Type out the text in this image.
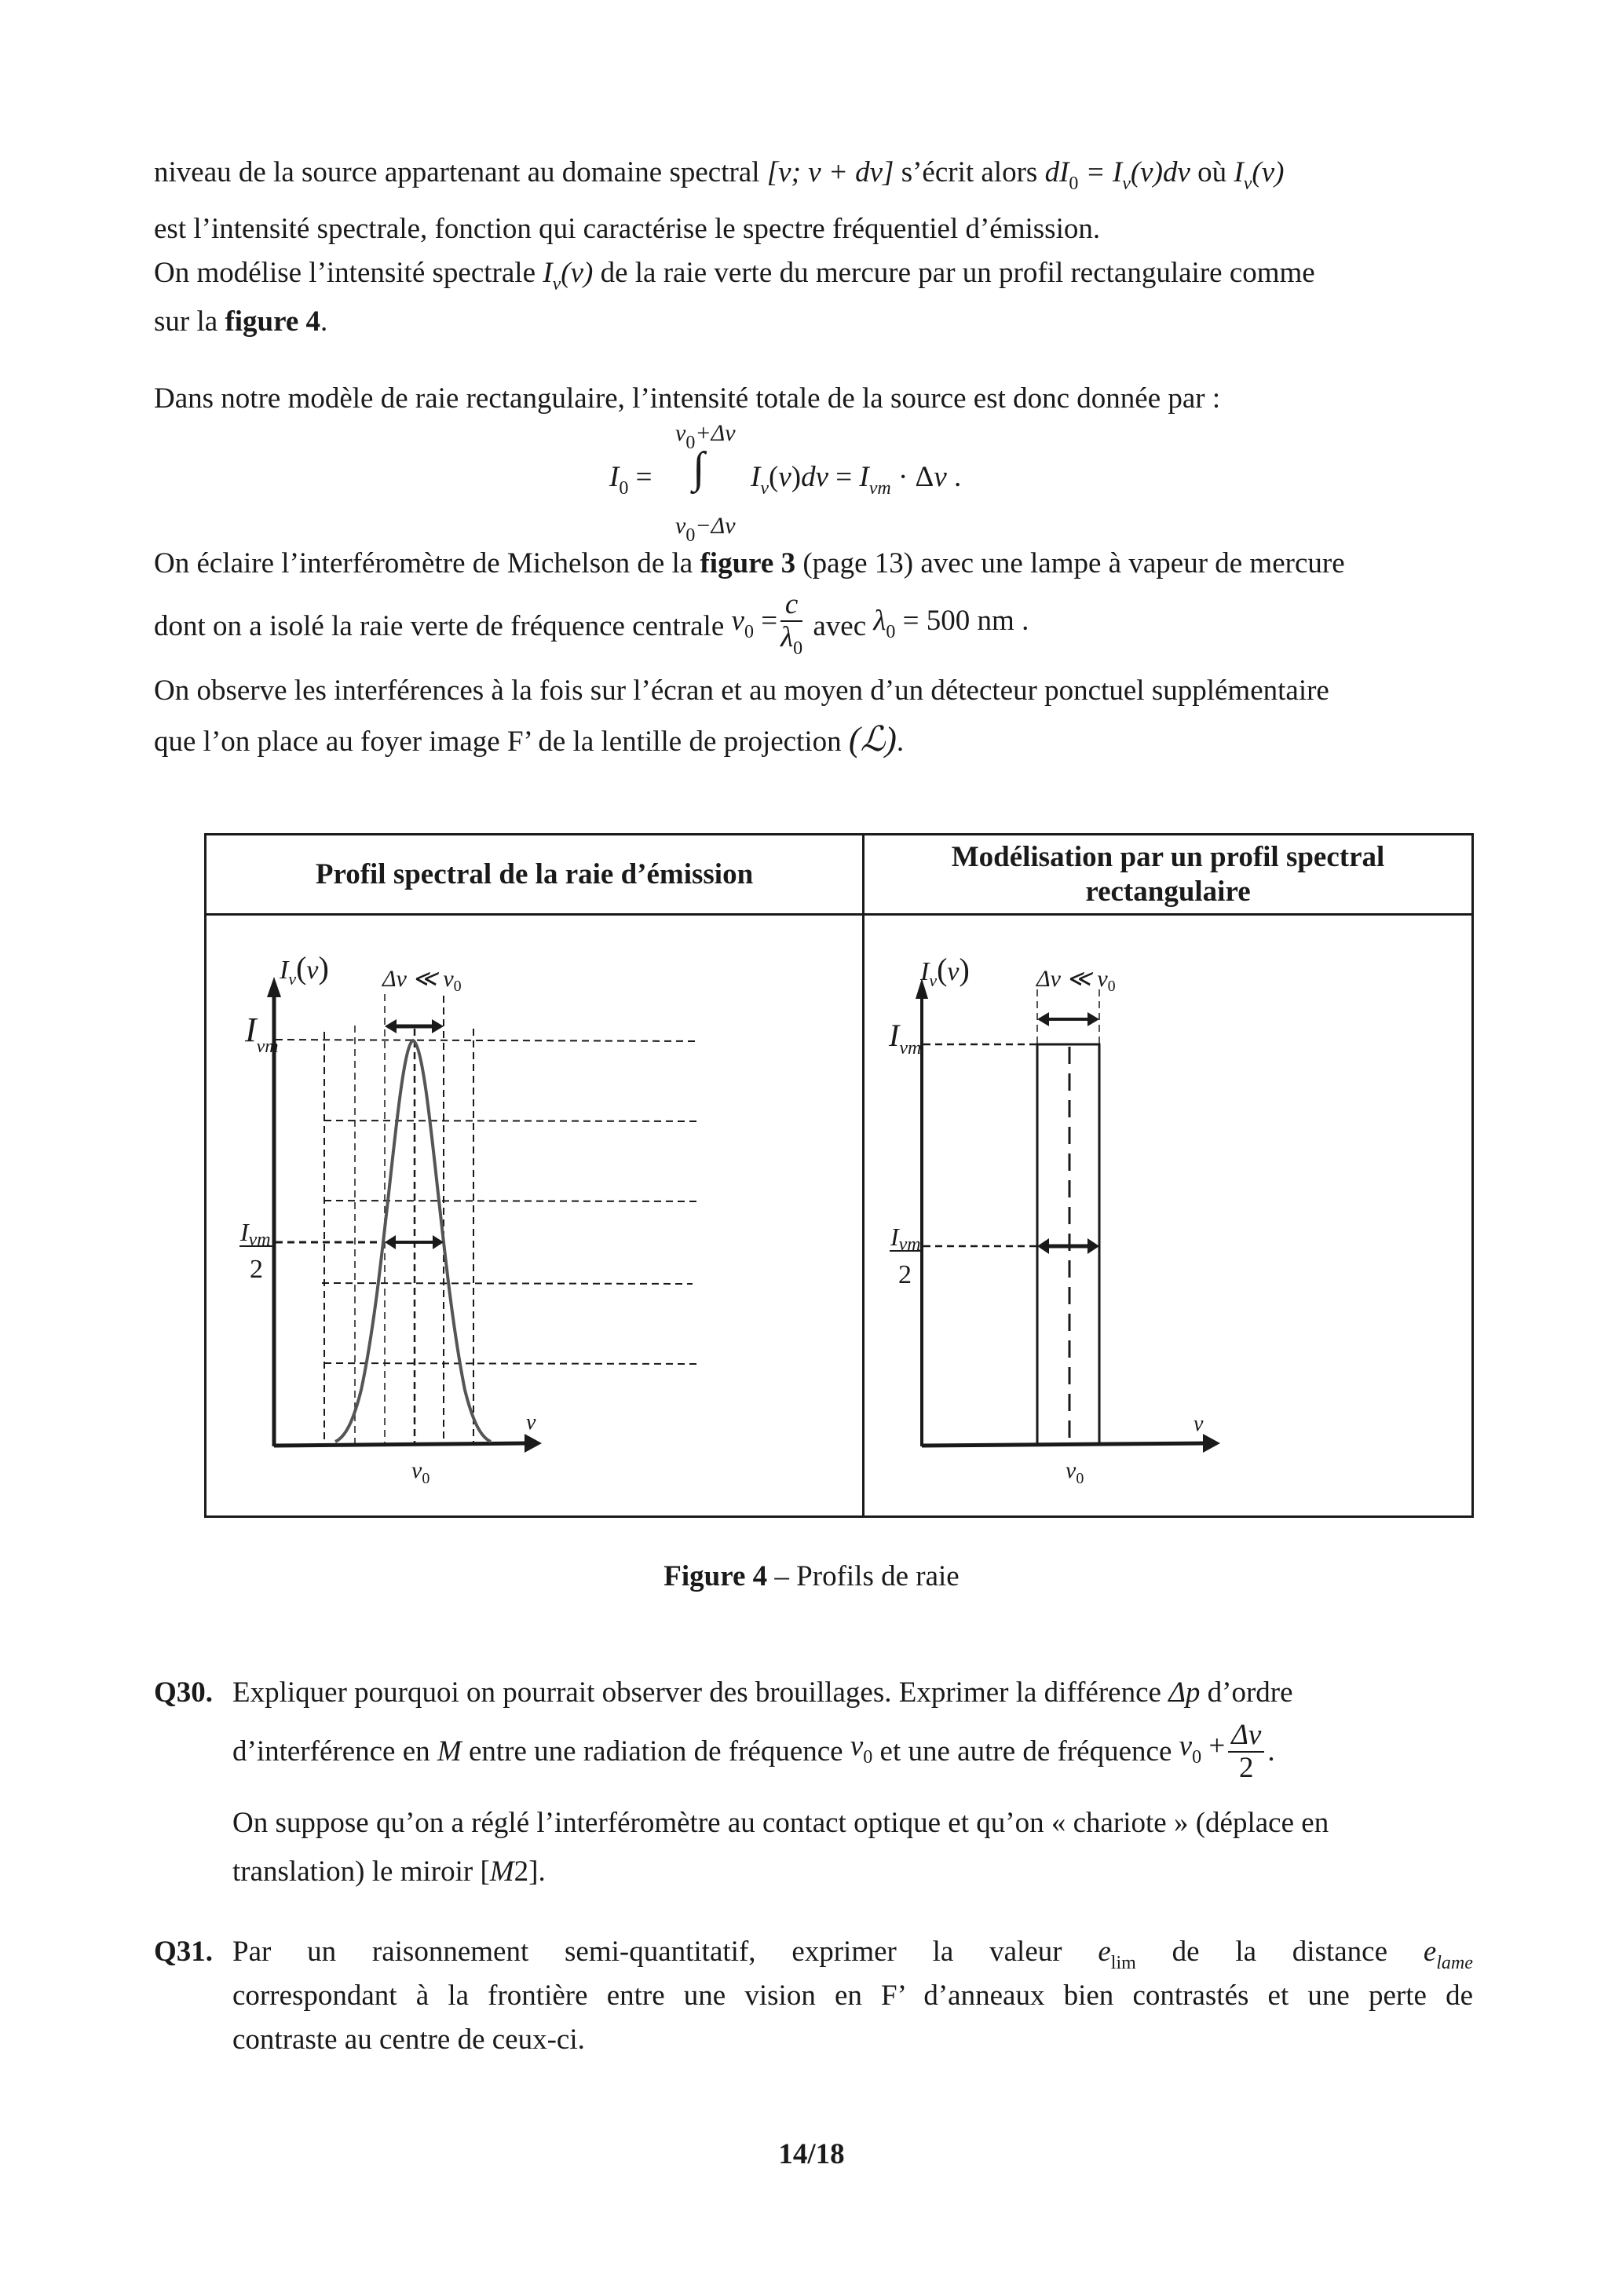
niveau de la source appartenant au domaine spectral [ν; ν + dν] s’écrit alors $dI_0 = I_\nu(\nu)d\nu$ où $I_\nu(\nu)$
est l’intensité spectrale, fonction qui caractérise le spectre fréquentiel d’émission.
On modélise l’intensité spectrale $I_\nu(\nu)$ de la raie verte du mercure par un profil rectangulaire comme
sur la figure 4.
Dans notre modèle de raie rectangulaire, l’intensité totale de la source est donc donnée par :
$\nu_0+\Delta\nu$
$I_0$ = ∫ $I_\nu(\nu)d\nu = I_{\nu m} \cdot \Delta\nu$ .
$\nu_0-\Delta\nu$
On éclaire l’interféromètre de Michelson de la figure 3 (page 13) avec une lampe à vapeur de mercure
dont on a isolé la raie verte de fréquence centrale $\nu_0 = \frac{c}{\lambda_0}$ avec $\lambda_0 = 500$ nm .
On observe les interférences à la fois sur l’écran et au moyen d’un détecteur ponctuel supplémentaire
que l’on place au foyer image F’ de la lentille de projection (ℒ).
Profil spectral de la raie d’émission
Modélisation par un profil spectral
rectangulaire
$I_\nu(\nu)$ Δν ≪ $\nu_0$
$I_{vm}$
Ivm
2
ν
$\nu_0$
$I_\nu(\nu)$	Δν ≪ $\nu_0$
$I_{vm}$
Ivm
2
ν
$\nu_0$
Figure 4 – Profils de raie
Q30. Expliquer pourquoi on pourrait observer des brouillages. Exprimer la différence Δp d’ordre
d’interférence en M entre une radiation de fréquence $\nu_0$ et une autre de fréquence $\nu_0 + \frac{\Delta\nu}{2}$ .
On suppose qu’on a réglé l’interféromètre au contact optique et qu’on « chariote » (déplace en
translation) le miroir [M2].
Q31. Par un raisonnement semi-quantitatif, exprimer la valeur $e_{lim}$ de la distance $e_{lame}$
correspondant à la frontière entre une vision en F’ d’anneaux bien contrastés et une perte de
contraste au centre de ceux-ci.
14/18
